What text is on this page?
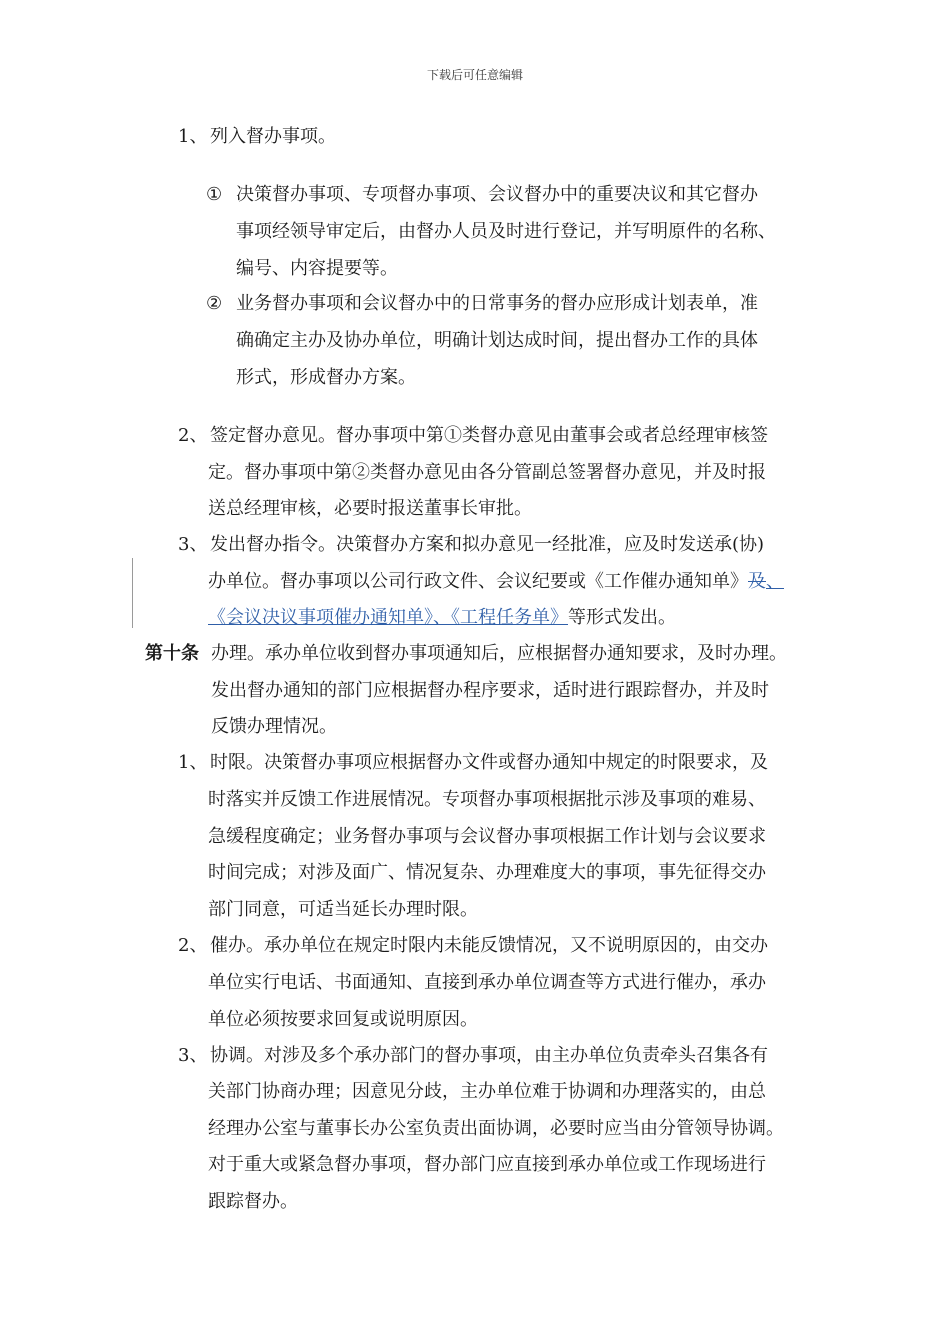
下载后可任意编辑
1、 列入督办事项。
① 决策督办事项、专项督办事项、会议督办中的重要决议和其它督办
事项经领导审定后，由督办人员及时进行登记，并写明原件的名称、
编号、内容提要等。
② 业务督办事项和会议督办中的日常事务的督办应形成计划表单，准
确确定主办及协办单位，明确计划达成时间，提出督办工作的具体
形式，形成督办方案。
2、 签定督办意见。督办事项中第①类督办意见由董事会或者总经理审核签
定。督办事项中第②类督办意见由各分管副总签署督办意见，并及时报
送总经理审核，必要时报送董事长审批。
3、 发出督办指令。决策督办方案和拟办意见一经批准，应及时发送承(协)
办单位。督办事项以公司行政文件、会议纪要或《工作催办通知单》及、
《会议决议事项催办通知单》、《工程任务单》等形式发出。
第十条 办理。承办单位收到督办事项通知后，应根据督办通知要求，及时办理。
发出督办通知的部门应根据督办程序要求，适时进行跟踪督办，并及时
反馈办理情况。
1、 时限。决策督办事项应根据督办文件或督办通知中规定的时限要求，及
时落实并反馈工作进展情况。专项督办事项根据批示涉及事项的难易、
急缓程度确定；业务督办事项与会议督办事项根据工作计划与会议要求
时间完成；对涉及面广、情况复杂、办理难度大的事项，事先征得交办
部门同意，可适当延长办理时限。
2、 催办。承办单位在规定时限内未能反馈情况，又不说明原因的，由交办
单位实行电话、书面通知、直接到承办单位调查等方式进行催办，承办
单位必须按要求回复或说明原因。
3、 协调。对涉及多个承办部门的督办事项，由主办单位负责牵头召集各有
关部门协商办理；因意见分歧，主办单位难于协调和办理落实的，由总
经理办公室与董事长办公室负责出面协调，必要时应当由分管领导协调。
对于重大或紧急督办事项，督办部门应直接到承办单位或工作现场进行
跟踪督办。
